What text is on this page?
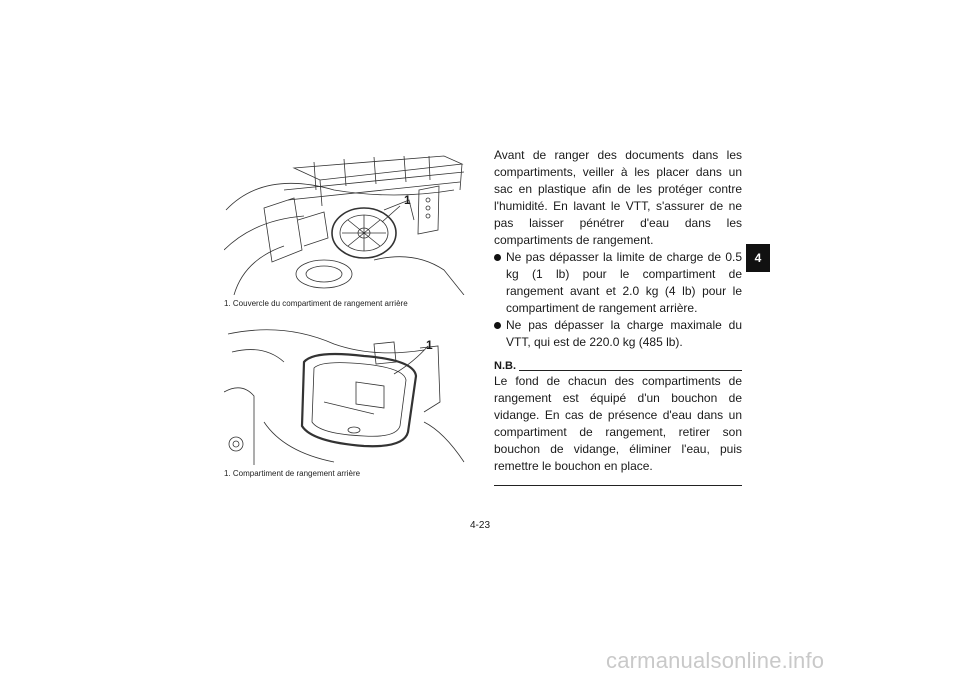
1
1. Couvercle du compartiment de rangement arrière
1
1. Compartiment de rangement arrière

Avant de ranger des documents dans les compartiments, veiller à les placer dans un sac en plastique afin de les protéger contre l'humidité. En lavant le VTT, s'assurer de ne pas laisser pénétrer d'eau dans les compartiments de rangement.

Ne pas dépasser la limite de charge de 0.5 kg (1 lb) pour le compartiment de rangement avant et 2.0 kg (4 lb) pour le compartiment de rangement arrière.
Ne pas dépasser la charge maximale du VTT, qui est de 220.0 kg (485 lb).
N.B.

Le fond de chacun des compartiments de rangement est équipé d'un bouchon de vidange. En cas de présence d'eau dans un compartiment de rangement, retirer son bouchon de vidange, éliminer l'eau, puis remettre le bouchon en place.

4
4-23
carmanualsonline.info
